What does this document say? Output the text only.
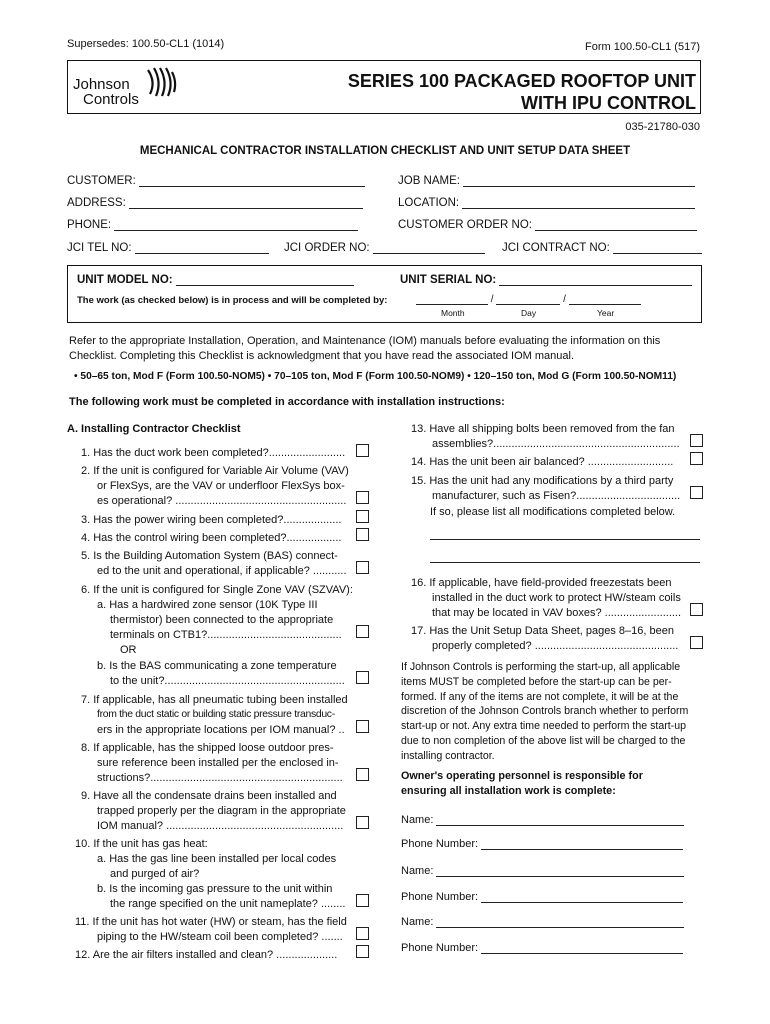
Supersedes: 100.50-CL1 (1014)	Form 100.50-CL1 (517)
Johnson
Controls
SERIES 100 PACKAGED ROOFTOP UNIT
WITH IPU CONTROL
035-21780-030
MECHANICAL CONTRACTOR INSTALLATION CHECKLIST AND UNIT SETUP DATA SHEET
CUSTOMER:	JOB NAME:
ADDRESS:	LOCATION:
PHONE:	CUSTOMER ORDER NO:
JCI TEL NO:	JCI ORDER NO:	JCI CONTRACT NO:
UNIT MODEL NO:	UNIT SERIAL NO:
The work (as checked below) is in process and will be completed by:	/	/
Month	Day	Year
Refer to the appropriate Installation, Operation, and Maintenance (IOM) manuals before evaluating the information on this
Checklist. Completing this Checklist is acknowledgment that you have read the associated IOM manual.
• 50–65 ton, Mod F (Form 100.50-NOM5) • 70–105 ton, Mod F (Form 100.50-NOM9) • 120–150 ton, Mod G (Form 100.50-NOM11)
The following work must be completed in accordance with installation instructions:
A. Installing Contractor Checklist
1. Has the duct work been completed?.........................
2. If the unit is configured for Variable Air Volume (VAV)
or FlexSys, are the VAV or underfloor FlexSys box-
es operational? ........................................................
3. Has the power wiring been completed?...................
4. Has the control wiring been completed?..................
5. Is the Building Automation System (BAS) connect-
ed to the unit and operational, if applicable? ...........
6. If the unit is configured for Single Zone VAV (SZVAV):
a. Has a hardwired zone sensor (10K Type III
thermistor) been connected to the appropriate
terminals on CTB1?............................................
OR
b. Is the BAS communicating a zone temperature
to the unit?...........................................................
7. If applicable, has all pneumatic tubing been installed
from the duct static or building static pressure transduc-
ers in the appropriate locations per IOM manual? ..
8. If applicable, has the shipped loose outdoor pres-
sure reference been installed per the enclosed in-
structions?...............................................................
9. Have all the condensate drains been installed and
trapped properly per the diagram in the appropriate
IOM manual? ..........................................................
10. If the unit has gas heat:
a. Has the gas line been installed per local codes
and purged of air?
b. Is the incoming gas pressure to the unit within
the range specified on the unit nameplate? ........
11. If the unit has hot water (HW) or steam, has the field
piping to the HW/steam coil been completed? .......
12. Are the air filters installed and clean? ....................
13. Have all shipping bolts been removed from the fan
assemblies?.............................................................
14. Has the unit been air balanced? ............................
15. Has the unit had any modifications by a third party
manufacturer, such as Fisen?..................................
If so, please list all modifications completed below.
16. If applicable, have field-provided freezestats been
installed in the duct work to protect HW/steam coils
that may be located in VAV boxes? .........................
17. Has the Unit Setup Data Sheet, pages 8–16, been
properly completed? ...............................................
If Johnson Controls is performing the start-up, all applicable
items MUST be completed before the start-up can be per-
formed. If any of the items are not complete, it will be at the
discretion of the Johnson Controls branch whether to perform
start-up or not. Any extra time needed to perform the start-up
due to non completion of the above list will be charged to the
installing contractor.
Owner's operating personnel is responsible for
ensuring all installation work is complete:
Name:
Phone Number:
Name:
Phone Number:
Name:
Phone Number:
